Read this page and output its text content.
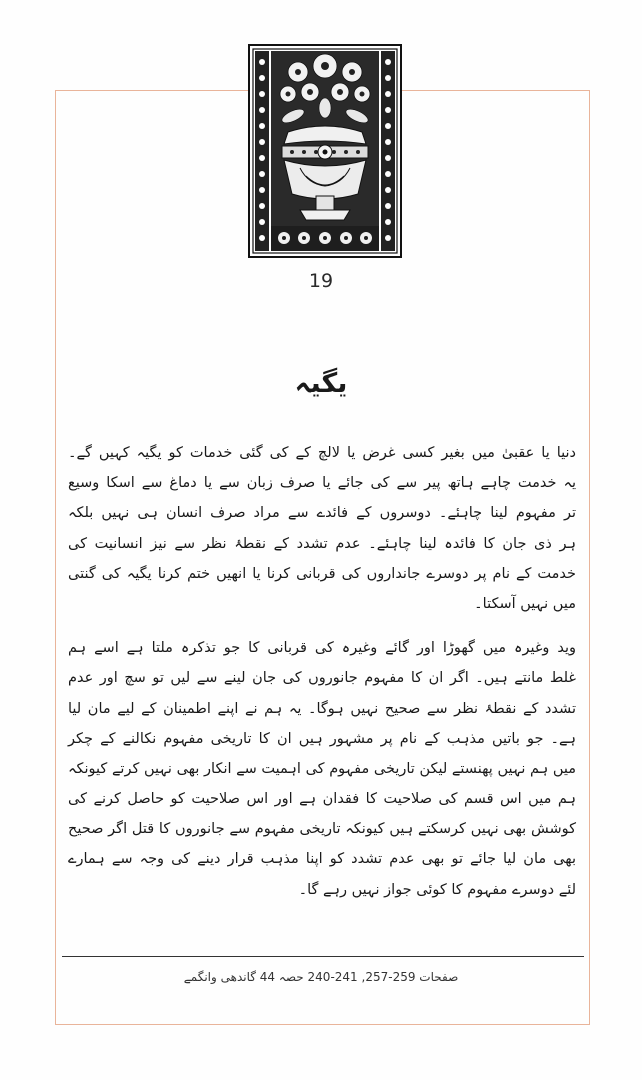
19
یگیہ

دنیا یا عقبیٰ میں بغیر کسی غرض یا لالچ کے کی گئی خدمات کو یگیہ کہیں گے۔
یہ خدمت چاہے ہاتھ پیر سے کی جائے یا صرف زبان سے یا دماغ سے اسکا وسیع
تر مفہوم لینا چاہئے۔ دوسروں کے فائدے سے مراد صرف انسان ہی نہیں بلکہ
ہر ذی جان کا فائدہ لینا چاہئے۔ عدم تشدد کے نقطۂ نظر سے نیز انسانیت کی
خدمت کے نام پر دوسرے جانداروں کی قربانی کرنا یا انھیں ختم کرنا یگیہ کی گنتی
میں نہیں آسکتا۔

وید وغیرہ میں گھوڑا اور گائے وغیرہ کی قربانی کا جو تذکرہ ملتا ہے اسے ہم
غلط مانتے ہیں۔ اگر ان کا مفہوم جانوروں کی جان لینے سے لیں تو سچ اور عدم
تشدد کے نقطۂ نظر سے صحیح نہیں ہوگا۔ یہ ہم نے اپنے اطمینان کے لیے مان لیا
ہے۔ جو باتیں مذہب کے نام پر مشہور ہیں ان کا تاریخی مفہوم نکالنے کے چکر
میں ہم نہیں پھنستے لیکن تاریخی مفہوم کی اہمیت سے انکار بھی نہیں کرتے کیونکہ
ہم میں اس قسم کی صلاحیت کا فقدان ہے اور اس صلاحیت کو حاصل کرنے کی
کوشش بھی نہیں کرسکتے ہیں کیونکہ تاریخی مفہوم سے جانوروں کا قتل اگر صحیح
بھی مان لیا جائے تو بھی عدم تشدد کو اپنا مذہب قرار دینے کی وجہ سے ہمارے
لئے دوسرے مفہوم کا کوئی جواز نہیں رہے گا۔

صفحات 259-257, 241-240 حصہ 44 گاندھی وانگمے
